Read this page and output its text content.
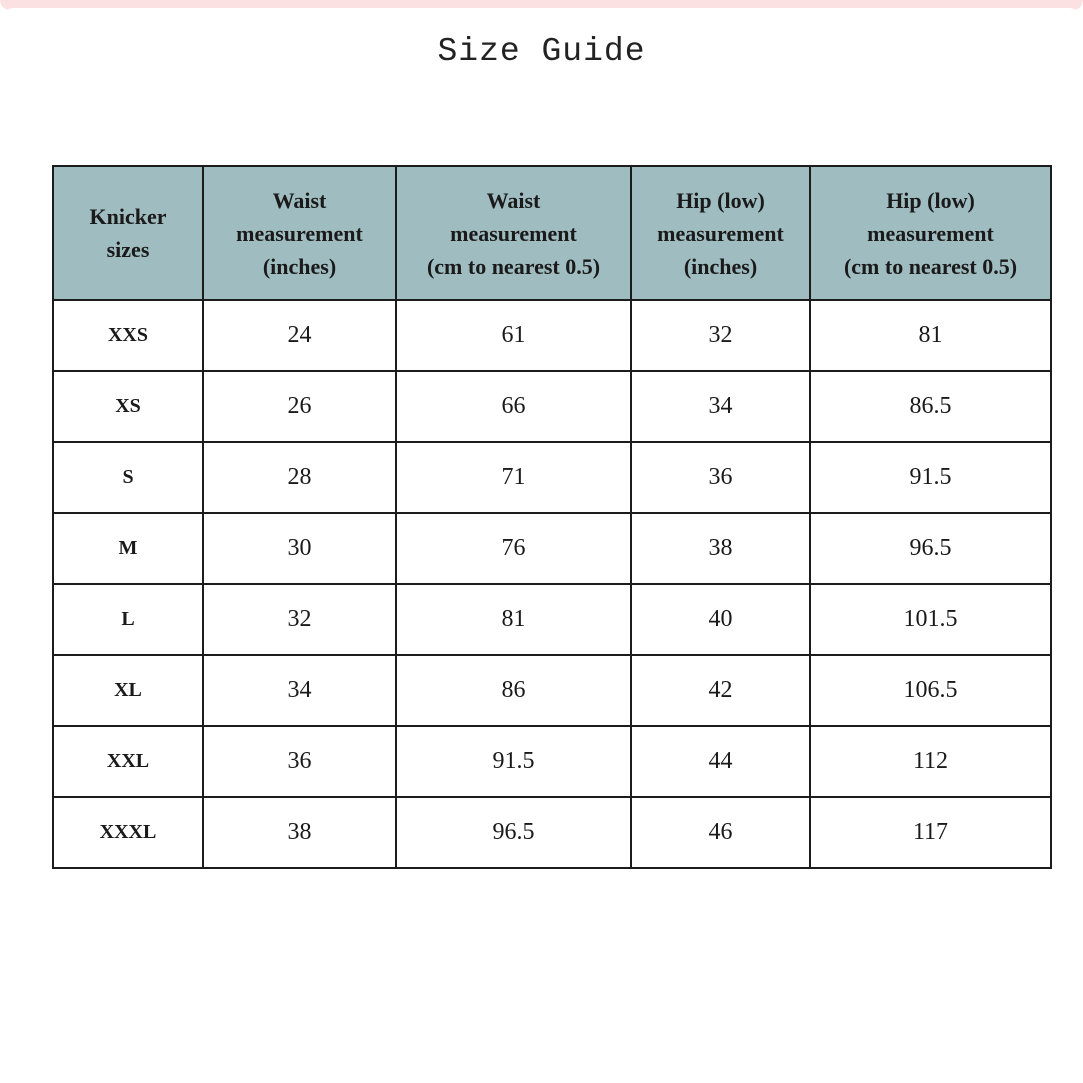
Size Guide
Knicker
sizes	Waist
measurement
(inches)	Waist
measurement
(cm to nearest 0.5)	Hip (low)
measurement
(inches)	Hip (low)
measurement
(cm to nearest 0.5)

XXS	24	61	32	81
XS	26	66	34	86.5
S	28	71	36	91.5
M	30	76	38	96.5
L	32	81	40	101.5
XL	34	86	42	106.5
XXL	36	91.5	44	112
XXXL	38	96.5	46	117
